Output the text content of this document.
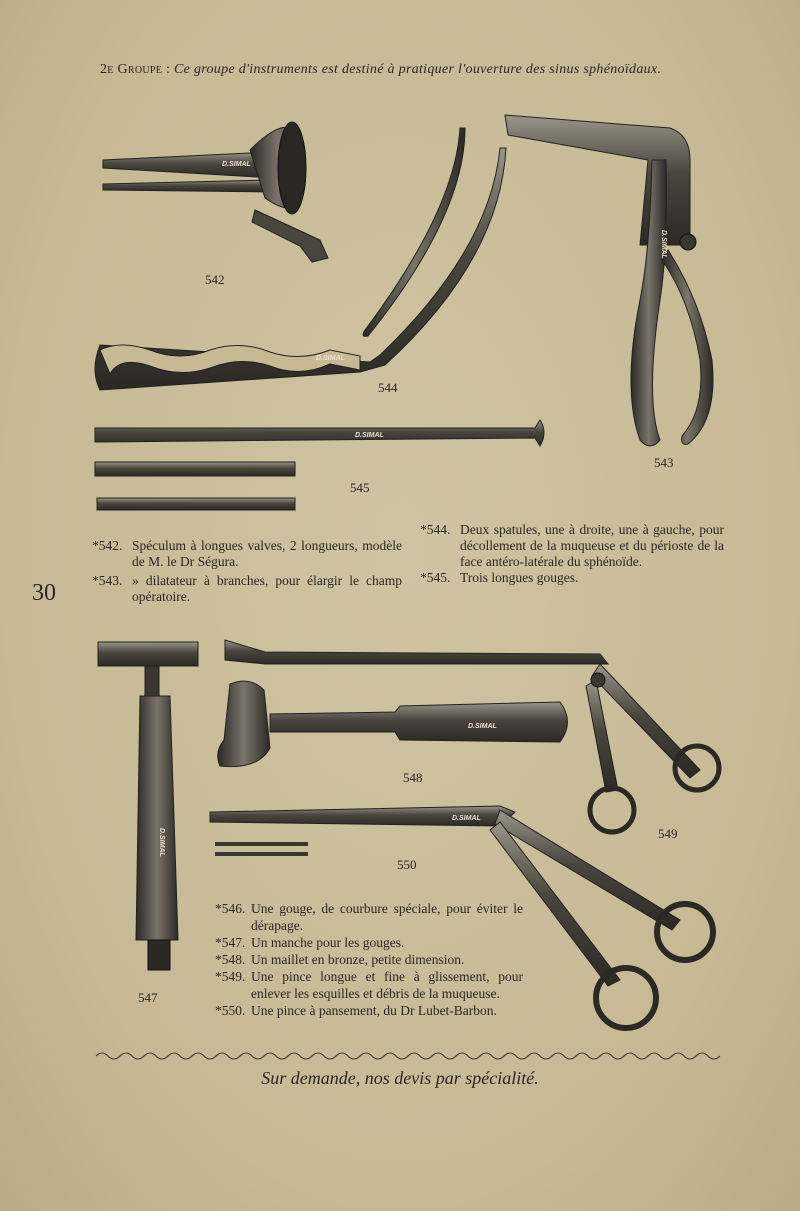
2e Groupe : Ce groupe d'instruments est destiné à pratiquer l'ouverture des sinus sphénoïdaux.
D.SIMAL
D.SIMAL
D.SIMAL
D.SIMAL
D.SIMAL
D.SIMAL
D.SIMAL
542
544
543
545
548
549
550
547
*542. Spéculum à longues valves, 2 longueurs, modèle de M. le Dr Ségura.
*543. » dilatateur à branches, pour élargir le champ opératoire.
30
*544. Deux spatules, une à droite, une à gauche, pour décollement de la muqueuse et du périoste de la face antéro-latérale du sphénoïde.
*545. Trois longues gouges.
*546. Une gouge, de courbure spéciale, pour éviter le dérapage.
*547. Un manche pour les gouges.
*548. Un maillet en bronze, petite dimension.
*549. Une pince longue et fine à glissement, pour enlever les esquilles et débris de la muqueuse.
*550. Une pince à pansement, du Dr Lubet-Barbon.
Sur demande, nos devis par spécialité.
